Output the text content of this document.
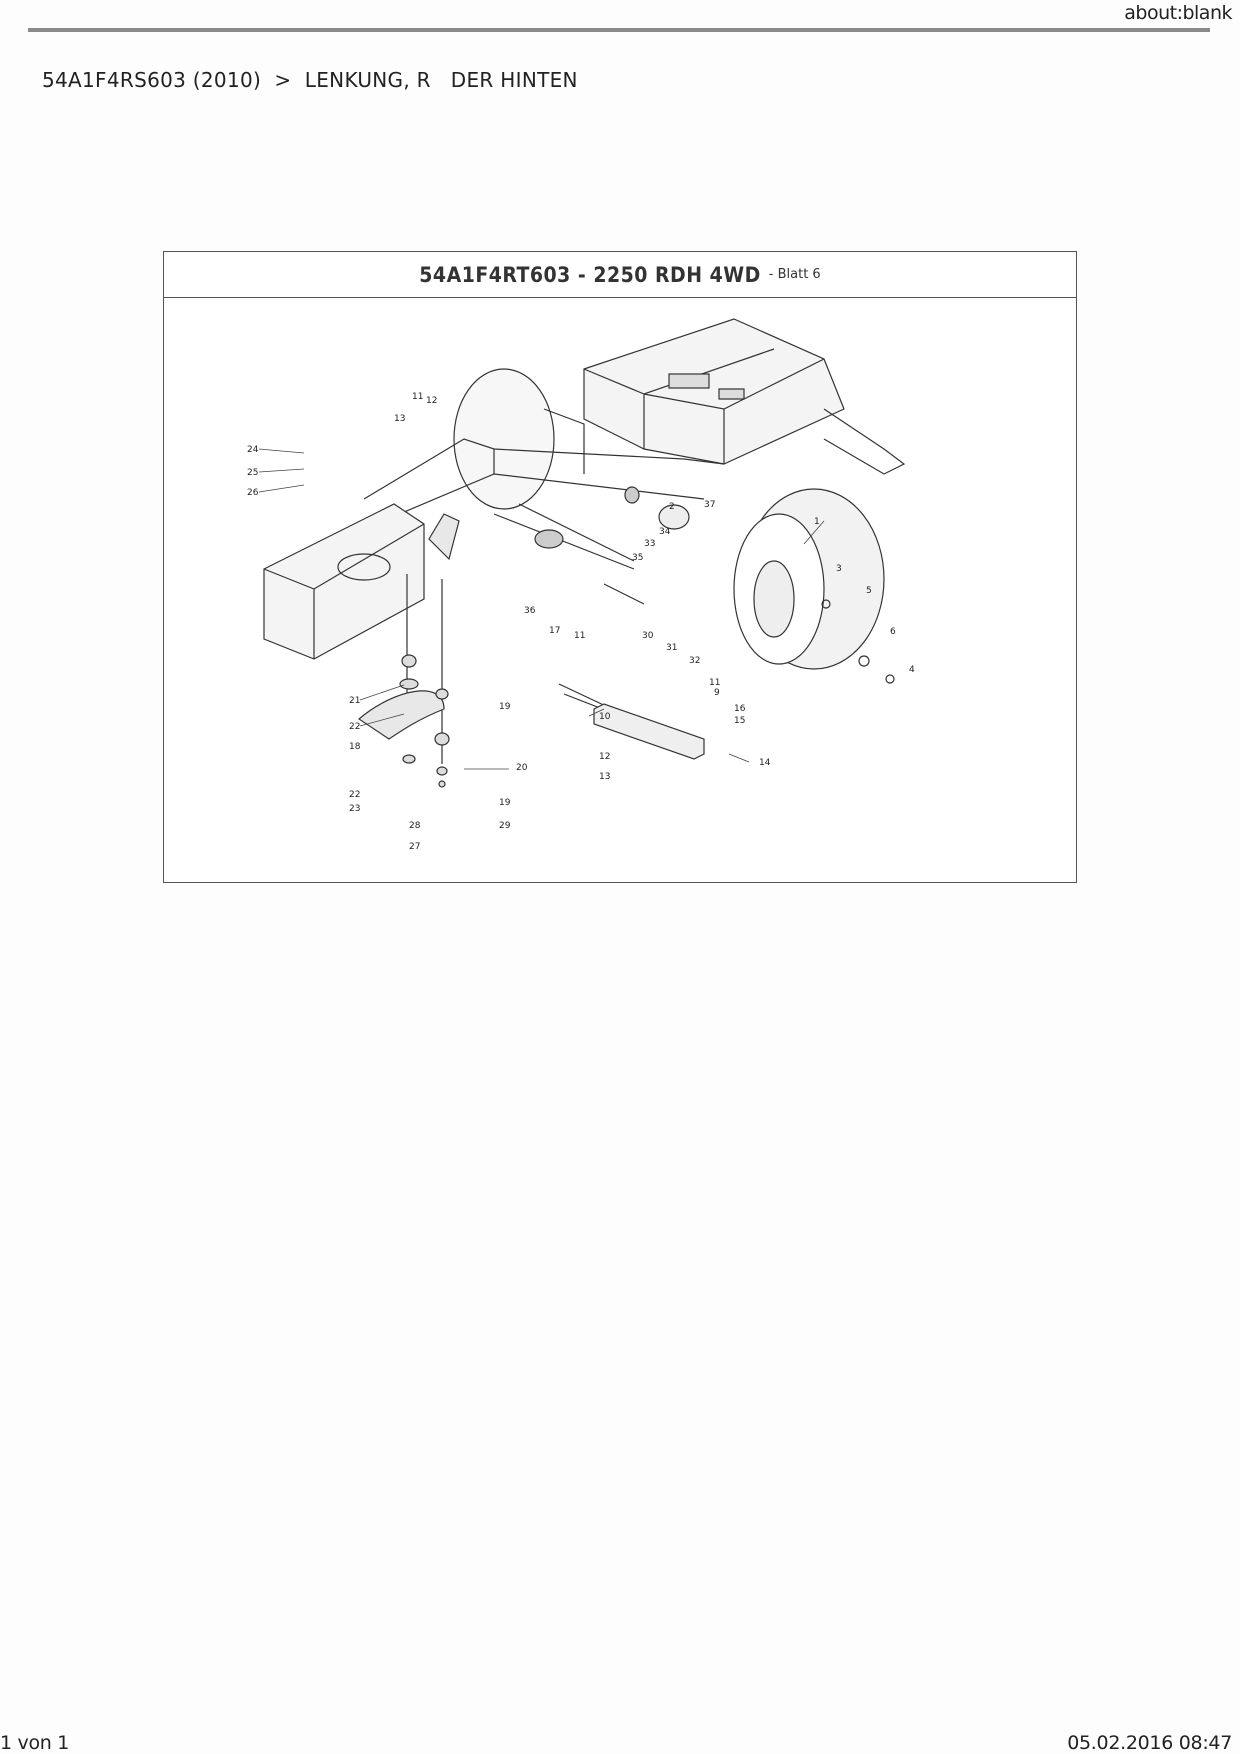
about:blank
54A1F4RS603 (2010)  >  LENKUNG, R   DER HINTEN
54A1F4RT603 - 2250 RDH 4WD - Blatt 6
1
2
3
4
5
6
9
10
11
11
11 12
12
13
13
14
15
16
17
18
19
19
20
21
22
22
23
24
25
26
27
28	29
30
31
32
33
34
35
36
37
1 von 1	05.02.2016 08:47
